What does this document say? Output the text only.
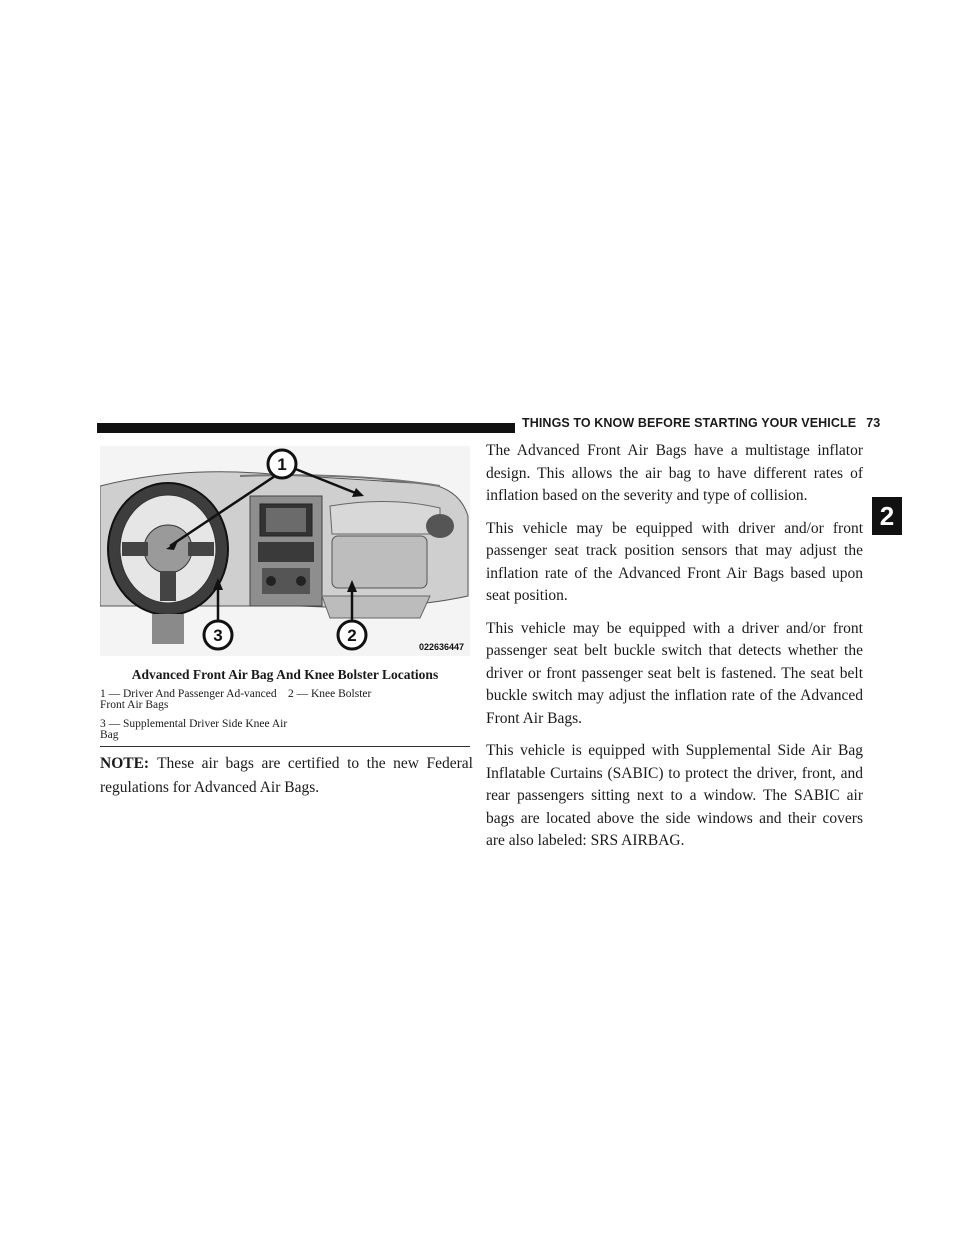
THINGS TO KNOW BEFORE STARTING YOUR VEHICLE 73
2
1
2
3
022636447
Advanced Front Air Bag And Knee Bolster Locations
1 — Driver And Passenger Ad-vanced Front Air Bags
2 — Knee Bolster
3 — Supplemental Driver Side Knee Air Bag
NOTE: These air bags are certified to the new Federal regulations for Advanced Air Bags.

The Advanced Front Air Bags have a multistage inflator design. This allows the air bag to have different rates of inflation based on the severity and type of collision.

This vehicle may be equipped with driver and/or front passenger seat track position sensors that may adjust the inflation rate of the Advanced Front Air Bags based upon seat position.

This vehicle may be equipped with a driver and/or front passenger seat belt buckle switch that detects whether the driver or front passenger seat belt is fastened. The seat belt buckle switch may adjust the inflation rate of the Advanced Front Air Bags.

This vehicle is equipped with Supplemental Side Air Bag Inflatable Curtains (SABIC) to protect the driver, front, and rear passengers sitting next to a window. The SABIC air bags are located above the side windows and their covers are also labeled: SRS AIRBAG.
